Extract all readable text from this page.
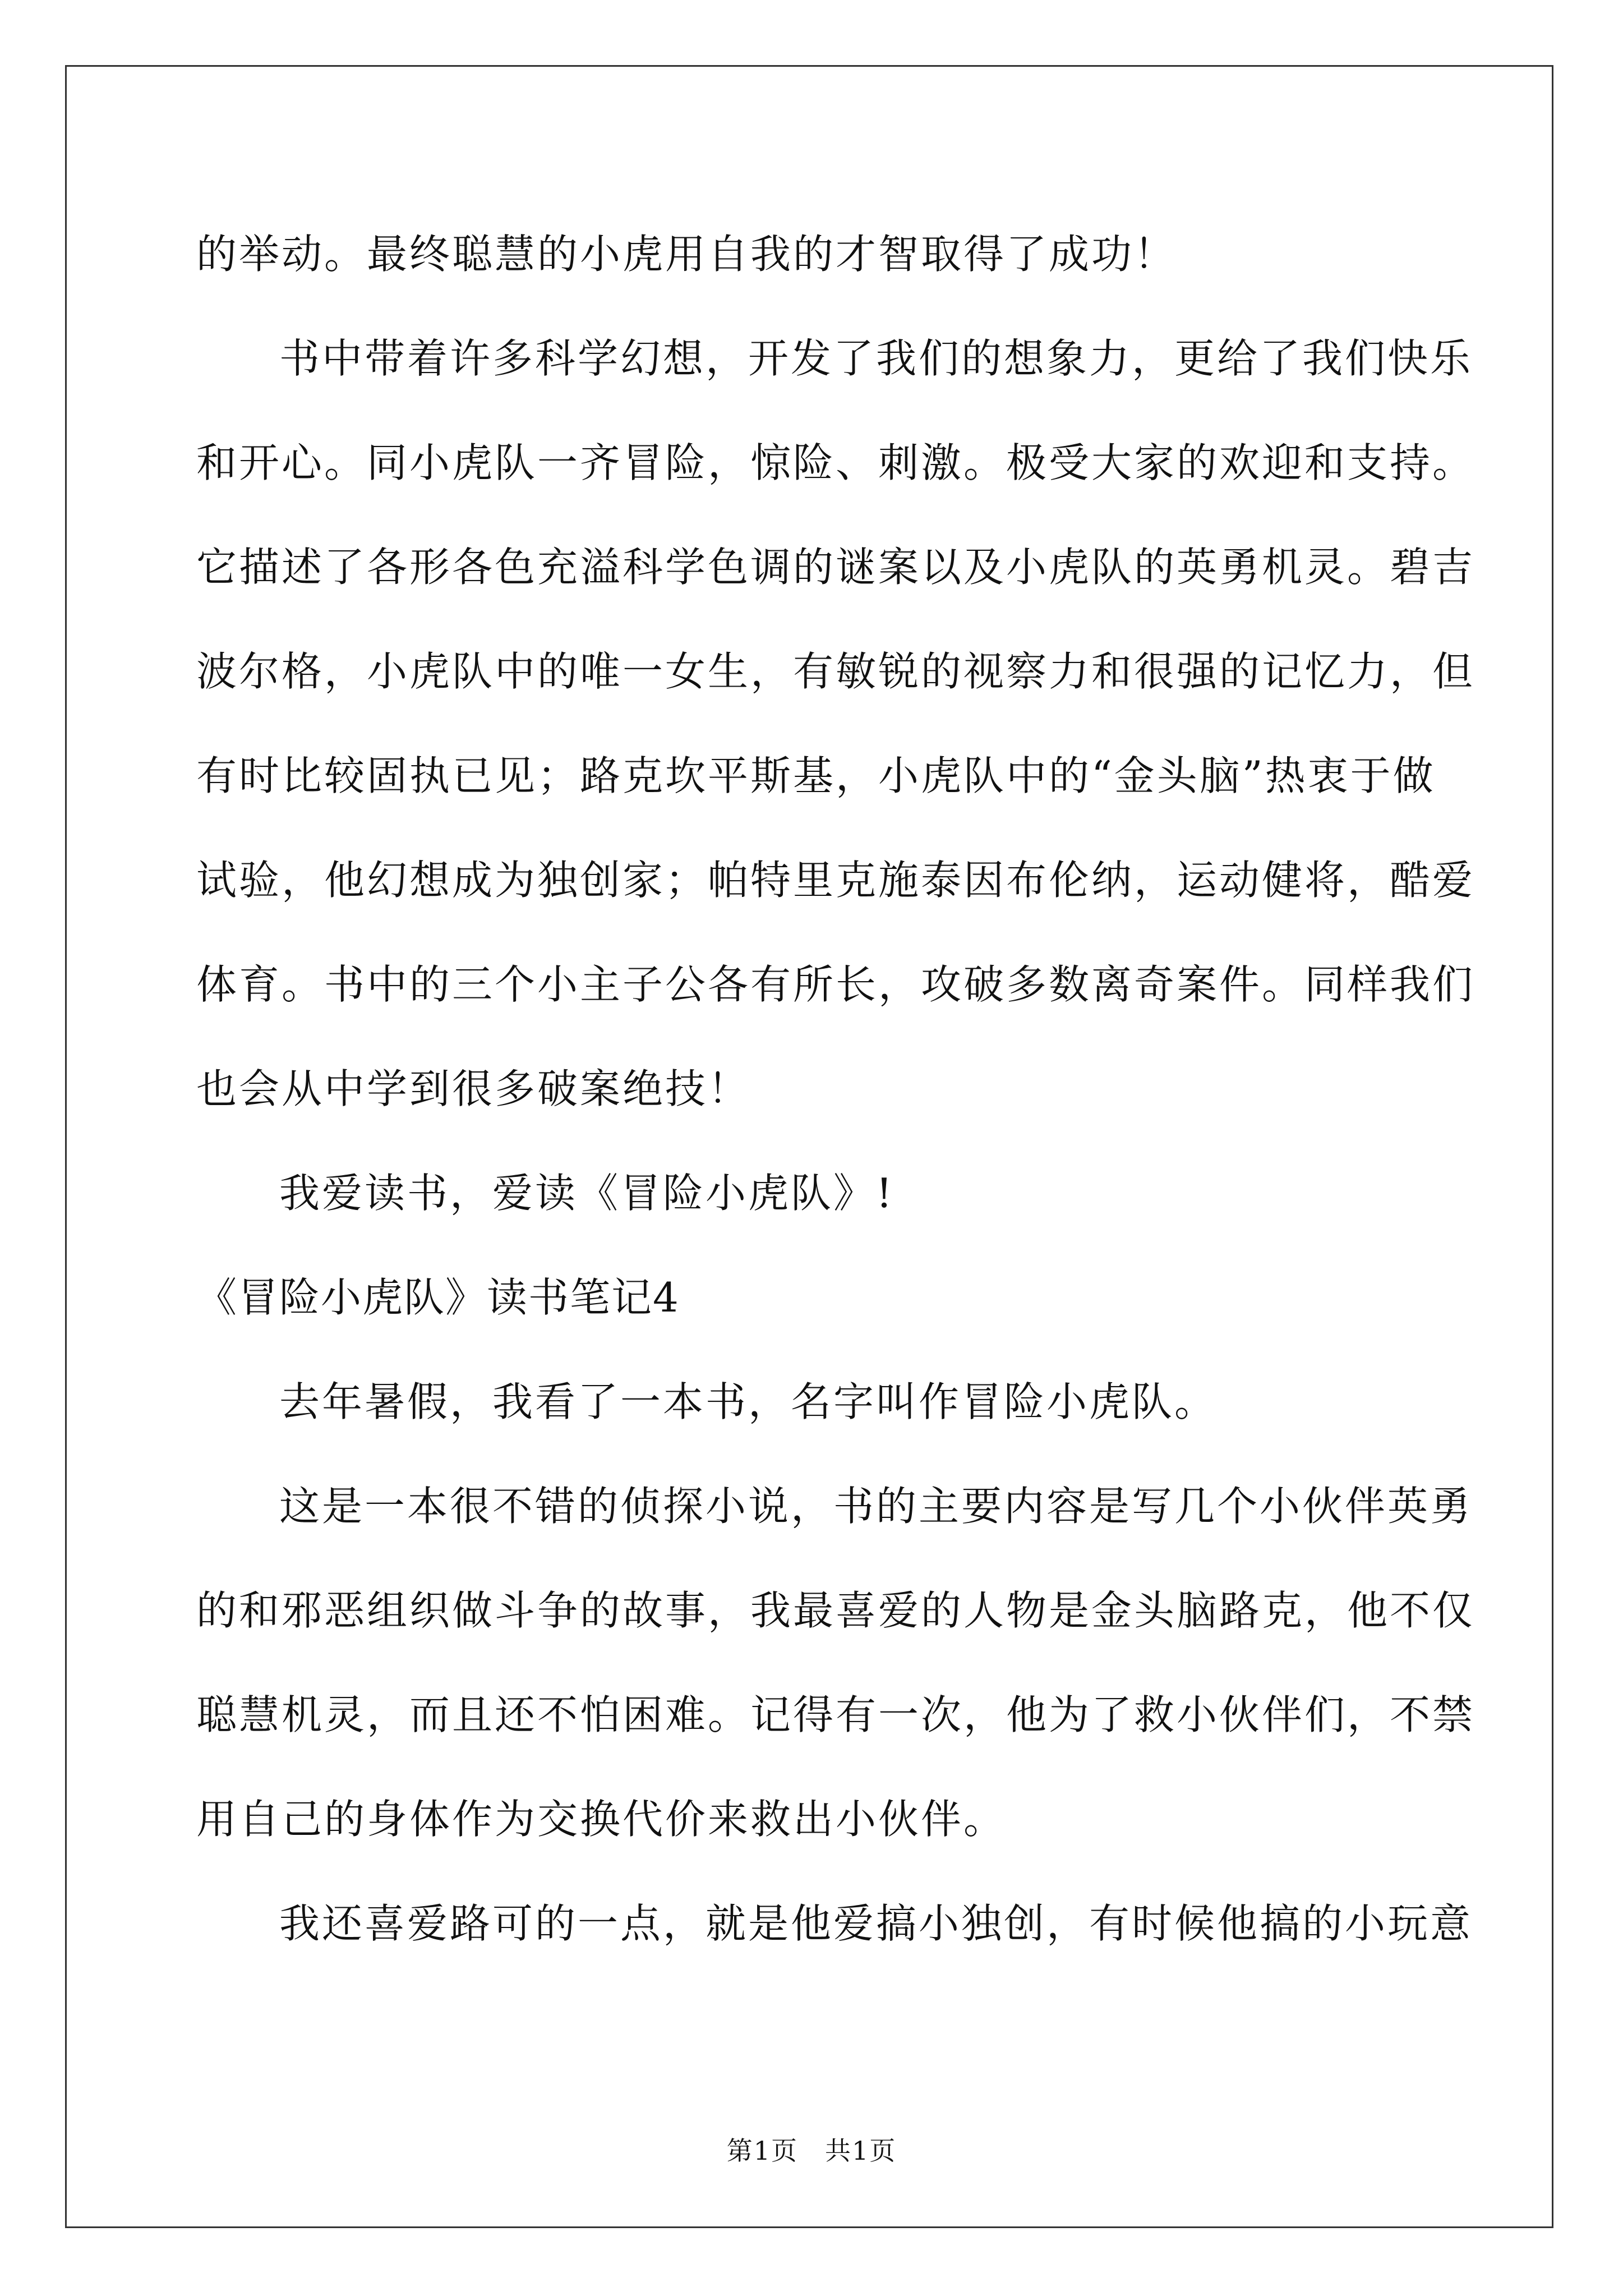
的举动。最终聪慧的小虎用自我的才智取得了成功！
书中带着许多科学幻想，开发了我们的想象力，更给了我们快乐
和开心。同小虎队一齐冒险，惊险、刺激。极受大家的欢迎和支持。
它描述了各形各色充溢科学色调的谜案以及小虎队的英勇机灵。碧吉
波尔格，小虎队中的唯一女生，有敏锐的视察力和很强的记忆力，但
有时比较固执已见；路克坎平斯基，小虎队中的“金头脑”热衷于做
试验，他幻想成为独创家；帕特里克施泰因布伦纳，运动健将，酷爱
体育。书中的三个小主子公各有所长，攻破多数离奇案件。同样我们
也会从中学到很多破案绝技！
我爱读书，爱读《冒险小虎队》!
《冒险小虎队》读书笔记4
去年暑假，我看了一本书，名字叫作冒险小虎队。
这是一本很不错的侦探小说，书的主要内容是写几个小伙伴英勇
的和邪恶组织做斗争的故事，我最喜爱的人物是金头脑路克，他不仅
聪慧机灵，而且还不怕困难。记得有一次，他为了救小伙伴们，不禁
用自己的身体作为交换代价来救出小伙伴。
我还喜爱路可的一点，就是他爱搞小独创，有时候他搞的小玩意
第1页　共1页
